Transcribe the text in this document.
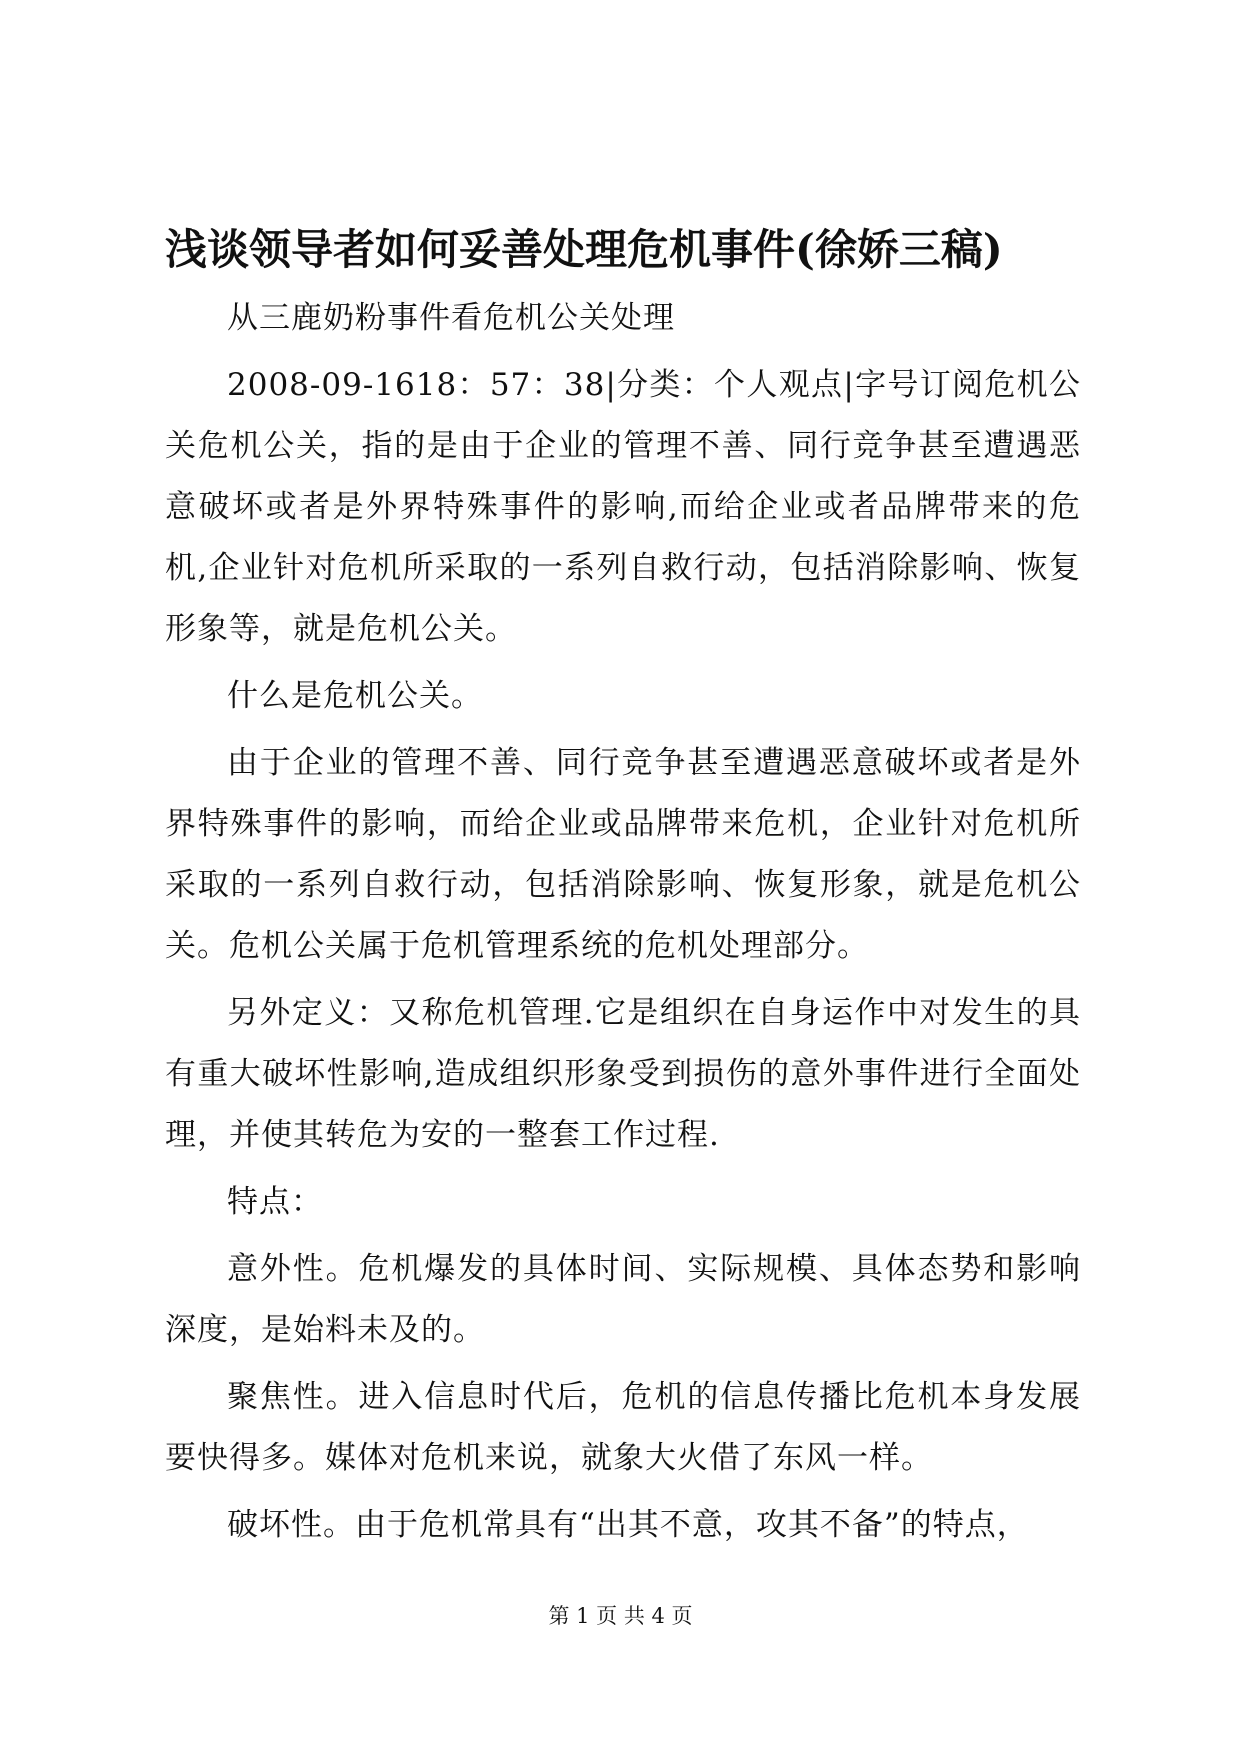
浅谈领导者如何妥善处理危机事件(徐娇三稿)

从三鹿奶粉事件看危机公关处理

2008-09-1618：57：38|分类：个人观点|字号订阅危机公关危机公关，指的是由于企业的管理不善、同行竞争甚至遭遇恶意破坏或者是外界特殊事件的影响,而给企业或者品牌带来的危机,企业针对危机所采取的一系列自救行动，包括消除影响、恢复形象等，就是危机公关。

什么是危机公关。

由于企业的管理不善、同行竞争甚至遭遇恶意破坏或者是外界特殊事件的影响，而给企业或品牌带来危机，企业针对危机所采取的一系列自救行动，包括消除影响、恢复形象，就是危机公关。危机公关属于危机管理系统的危机处理部分。

另外定义：又称危机管理.它是组织在自身运作中对发生的具有重大破坏性影响,造成组织形象受到损伤的意外事件进行全面处理，并使其转危为安的一整套工作过程.

特点：

意外性。危机爆发的具体时间、实际规模、具体态势和影响深度，是始料未及的。

聚焦性。进入信息时代后，危机的信息传播比危机本身发展要快得多。媒体对危机来说，就象大火借了东风一样。

破坏性。由于危机常具有“出其不意，攻其不备”的特点，

第 1 页 共 4 页
